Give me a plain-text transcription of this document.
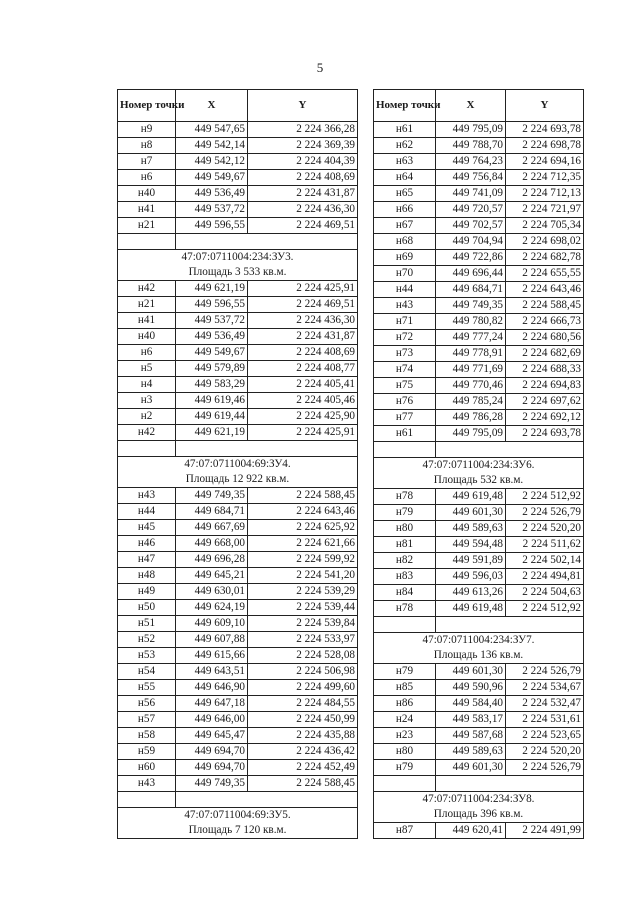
5
Номер точки	X	Y
н9	449 547,65	2 224 366,28
н8	449 542,14	2 224 369,39
н7	449 542,12	2 224 404,39
н6	449 549,67	2 224 408,69
н40	449 536,49	2 224 431,87
н41	449 537,72	2 224 436,30
н21	449 596,55	2 224 469,51

47:07:0711004:234:ЗУ3.
Площадь 3 533 кв.м.		

н42	449 621,19	2 224 425,91
н21	449 596,55	2 224 469,51
н41	449 537,72	2 224 436,30
н40	449 536,49	2 224 431,87
н6	449 549,67	2 224 408,69
н5	449 579,89	2 224 408,77
н4	449 583,29	2 224 405,41
н3	449 619,46	2 224 405,46
н2	449 619,44	2 224 425,90
н42	449 621,19	2 224 425,91

47:07:0711004:69:ЗУ4.
Площадь 12 922 кв.м.		

н43	449 749,35	2 224 588,45
н44	449 684,71	2 224 643,46
н45	449 667,69	2 224 625,92
н46	449 668,00	2 224 621,66
н47	449 696,28	2 224 599,92
н48	449 645,21	2 224 541,20
н49	449 630,01	2 224 539,29
н50	449 624,19	2 224 539,44
н51	449 609,10	2 224 539,84
н52	449 607,88	2 224 533,97
н53	449 615,66	2 224 528,08
н54	449 643,51	2 224 506,98
н55	449 646,90	2 224 499,60
н56	449 647,18	2 224 484,55
н57	449 646,00	2 224 450,99
н58	449 645,47	2 224 435,88
н59	449 694,70	2 224 436,42
н60	449 694,70	2 224 452,49
н43	449 749,35	2 224 588,45

47:07:0711004:69:ЗУ5.
Площадь 7 120 кв.м.		
Номер точки	X	Y
н61	449 795,09	2 224 693,78
н62	449 788,70	2 224 698,78
н63	449 764,23	2 224 694,16
н64	449 756,84	2 224 712,35
н65	449 741,09	2 224 712,13
н66	449 720,57	2 224 721,97
н67	449 702,57	2 224 705,34
н68	449 704,94	2 224 698,02
н69	449 722,86	2 224 682,78
н70	449 696,44	2 224 655,55
н44	449 684,71	2 224 643,46
н43	449 749,35	2 224 588,45
н71	449 780,82	2 224 666,73
н72	449 777,24	2 224 680,56
н73	449 778,91	2 224 682,69
н74	449 771,69	2 224 688,33
н75	449 770,46	2 224 694,83
н76	449 785,24	2 224 697,62
н77	449 786,28	2 224 692,12
н61	449 795,09	2 224 693,78

47:07:0711004:234:ЗУ6.
Площадь 532 кв.м.		

н78	449 619,48	2 224 512,92
н79	449 601,30	2 224 526,79
н80	449 589,63	2 224 520,20
н81	449 594,48	2 224 511,62
н82	449 591,89	2 224 502,14
н83	449 596,03	2 224 494,81
н84	449 613,26	2 224 504,63
н78	449 619,48	2 224 512,92

47:07:0711004:234:ЗУ7.
Площадь 136 кв.м.		

н79	449 601,30	2 224 526,79
н85	449 590,96	2 224 534,67
н86	449 584,40	2 224 532,47
н24	449 583,17	2 224 531,61
н23	449 587,68	2 224 523,65
н80	449 589,63	2 224 520,20
н79	449 601,30	2 224 526,79

47:07:0711004:234:ЗУ8.
Площадь 396 кв.м.		

н87	449 620,41	2 224 491,99
